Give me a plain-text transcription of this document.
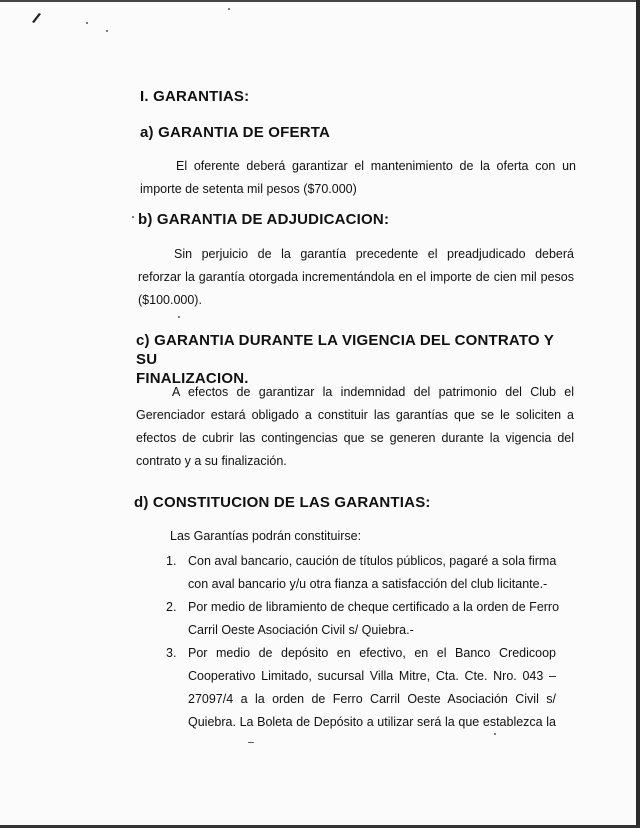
I. GARANTIAS:
a) GARANTIA DE OFERTA
El oferente deberá garantizar el mantenimiento de la oferta con un
importe de setenta mil pesos ($70.000)
b) GARANTIA DE ADJUDICACION:
Sin perjuicio de la garantía precedente el preadjudicado deberá
reforzar la garantía otorgada incrementándola en el importe de cien mil pesos
($100.000).
c) GARANTIA DURANTE LA VIGENCIA DEL CONTRATO Y SU
FINALIZACION.
A efectos de garantizar la indemnidad del patrimonio del Club el
Gerenciador estará obligado a constituir las garantías que se le soliciten a
efectos de cubrir las contingencias que se generen durante la vigencia del
contrato y a su finalización.
d) CONSTITUCION DE LAS GARANTIAS:
Las Garantías podrán constituirse:
1. Con aval bancario, caución de títulos públicos, pagaré a sola firma
con aval bancario y/u otra fianza a satisfacción del club licitante.-
2. Por medio de libramiento de cheque certificado a la orden de Ferro
Carril Oeste Asociación Civil s/ Quiebra.-
3. Por medio de depósito en efectivo, en el Banco Credicoop
Cooperativo Limitado, sucursal Villa Mitre, Cta. Cte. Nro. 043 –
27097/4 a la orden de Ferro Carril Oeste Asociación Civil s/
Quiebra. La Boleta de Depósito a utilizar será la que establezca la
